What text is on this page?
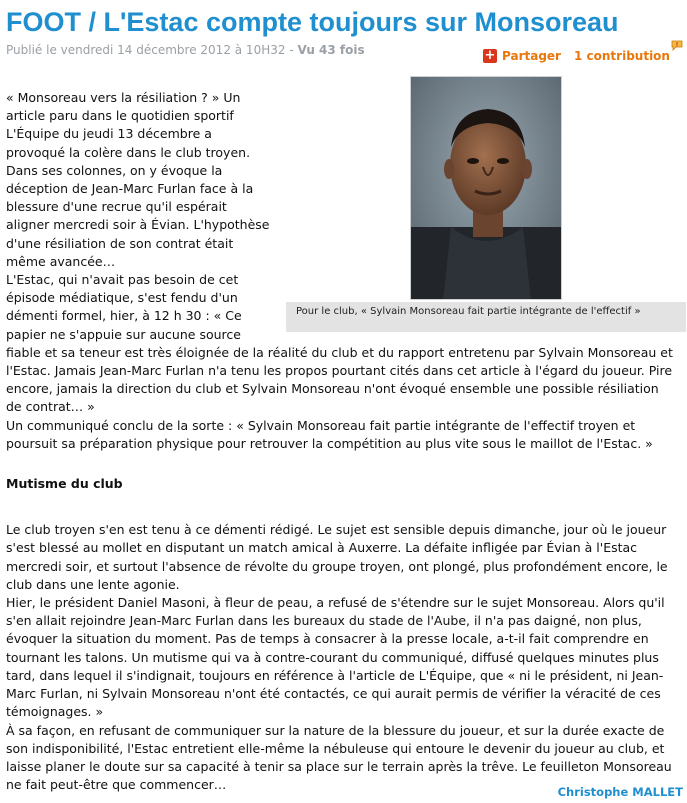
FOOT / L'Estac compte toujours sur Monsoreau
Publié le vendredi 14 décembre 2012 à 10H32 - Vu 43 fois	+ Partager 1 contribution
Pour le club, « Sylvain Monsoreau fait partie intégrante de l'effectif »

« Monsoreau vers la résiliation ? » Un article paru dans le quotidien sportif L'Équipe du jeudi 13 décembre a provoqué la colère dans le club troyen. Dans ses colonnes, on y évoque la déception de Jean-Marc Furlan face à la blessure d'une recrue qu'il espérait aligner mercredi soir à Évian. L'hypothèse d'une résiliation de son contrat était même avancée…

L'Estac, qui n'avait pas besoin de cet épisode médiatique, s'est fendu d'un démenti formel, hier, à 12 h 30 : « Ce papier ne s'appuie sur aucune source fiable et sa teneur est très éloignée de la réalité du club et du rapport entretenu par Sylvain Monsoreau et l'Estac. Jamais Jean-Marc Furlan n'a tenu les propos pourtant cités dans cet article à l'égard du joueur. Pire encore, jamais la direction du club et Sylvain Monsoreau n'ont évoqué ensemble une possible résiliation de contrat… »

Un communiqué conclu de la sorte : « Sylvain Monsoreau fait partie intégrante de l'effectif troyen et poursuit sa préparation physique pour retrouver la compétition au plus vite sous le maillot de l'Estac. »

Mutisme du club

Le club troyen s'en est tenu à ce démenti rédigé. Le sujet est sensible depuis dimanche, jour où le joueur s'est blessé au mollet en disputant un match amical à Auxerre. La défaite infligée par Évian à l'Estac mercredi soir, et surtout l'absence de révolte du groupe troyen, ont plongé, plus profondément encore, le club dans une lente agonie.

Hier, le président Daniel Masoni, à fleur de peau, a refusé de s'étendre sur le sujet Monsoreau. Alors qu'il s'en allait rejoindre Jean-Marc Furlan dans les bureaux du stade de l'Aube, il n'a pas daigné, non plus, évoquer la situation du moment. Pas de temps à consacrer à la presse locale, a-t-il fait comprendre en tournant les talons. Un mutisme qui va à contre-courant du communiqué, diffusé quelques minutes plus tard, dans lequel il s'indignait, toujours en référence à l'article de L'Équipe, que « ni le président, ni Jean-Marc Furlan, ni Sylvain Monsoreau n'ont été contactés, ce qui aurait permis de vérifier la véracité de ces témoignages. »

À sa façon, en refusant de communiquer sur la nature de la blessure du joueur, et sur la durée exacte de son indisponibilité, l'Estac entretient elle-même la nébuleuse qui entoure le devenir du joueur au club, et laisse planer le doute sur sa capacité à tenir sa place sur le terrain après la trêve. Le feuilleton Monsoreau ne fait peut-être que commencer…	Christophe MALLET
